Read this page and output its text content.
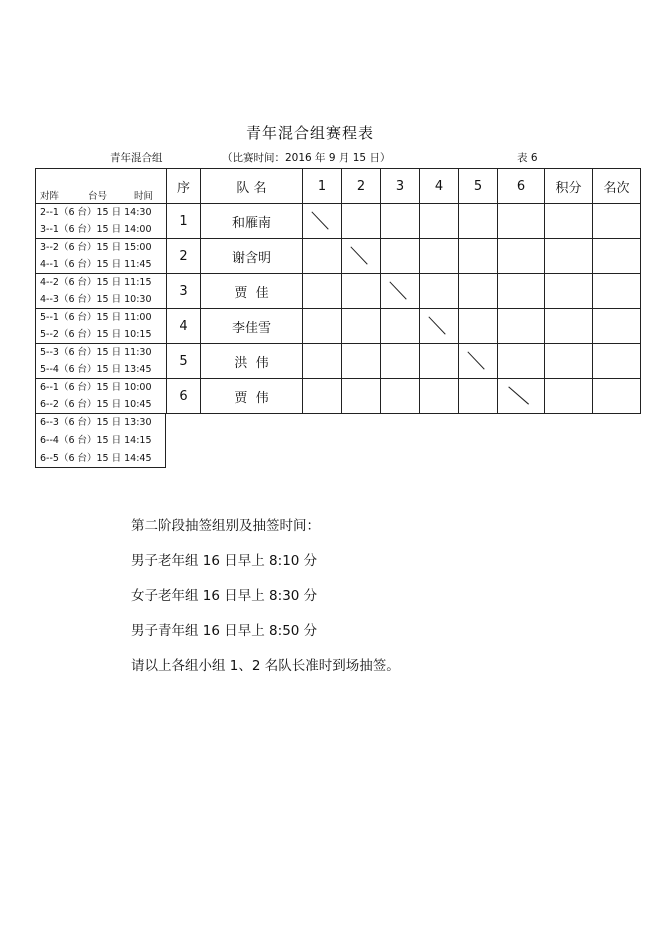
青年混合组赛程表
青年混合组	（比赛时间：2016 年 9 月 15 日）	表 6
对阵 台号 时间	序	队 名	1	2	3	4	5	6	积分	名次

2--1（6 台）15 日 14:30
3--1（6 台）15 日 14:00	1	和雁南	

3--2（6 台）15 日 15:00
4--1（6 台）15 日 11:45	2	谢含明		

4--2（6 台）15 日 11:15
4--3（6 台）15 日 10:30	3	贾  佳			

5--1（6 台）15 日 11:00
5--2（6 台）15 日 10:15	4	李佳雪				

5--3（6 台）15 日 11:30
5--4（6 台）15 日 13:45	5	洪  伟					

6--1（6 台）15 日 10:00
6--2（6 台）15 日 10:45	6	贾  伟						

6--3（6 台）15 日 13:30
6--4（6 台）15 日 14:15
6--5（6 台）15 日 14:45
第二阶段抽签组别及抽签时间：
男子老年组 16 日早上 8:10 分
女子老年组 16 日早上 8:30 分
男子青年组 16 日早上 8:50 分
请以上各组小组 1、2 名队长准时到场抽签。
